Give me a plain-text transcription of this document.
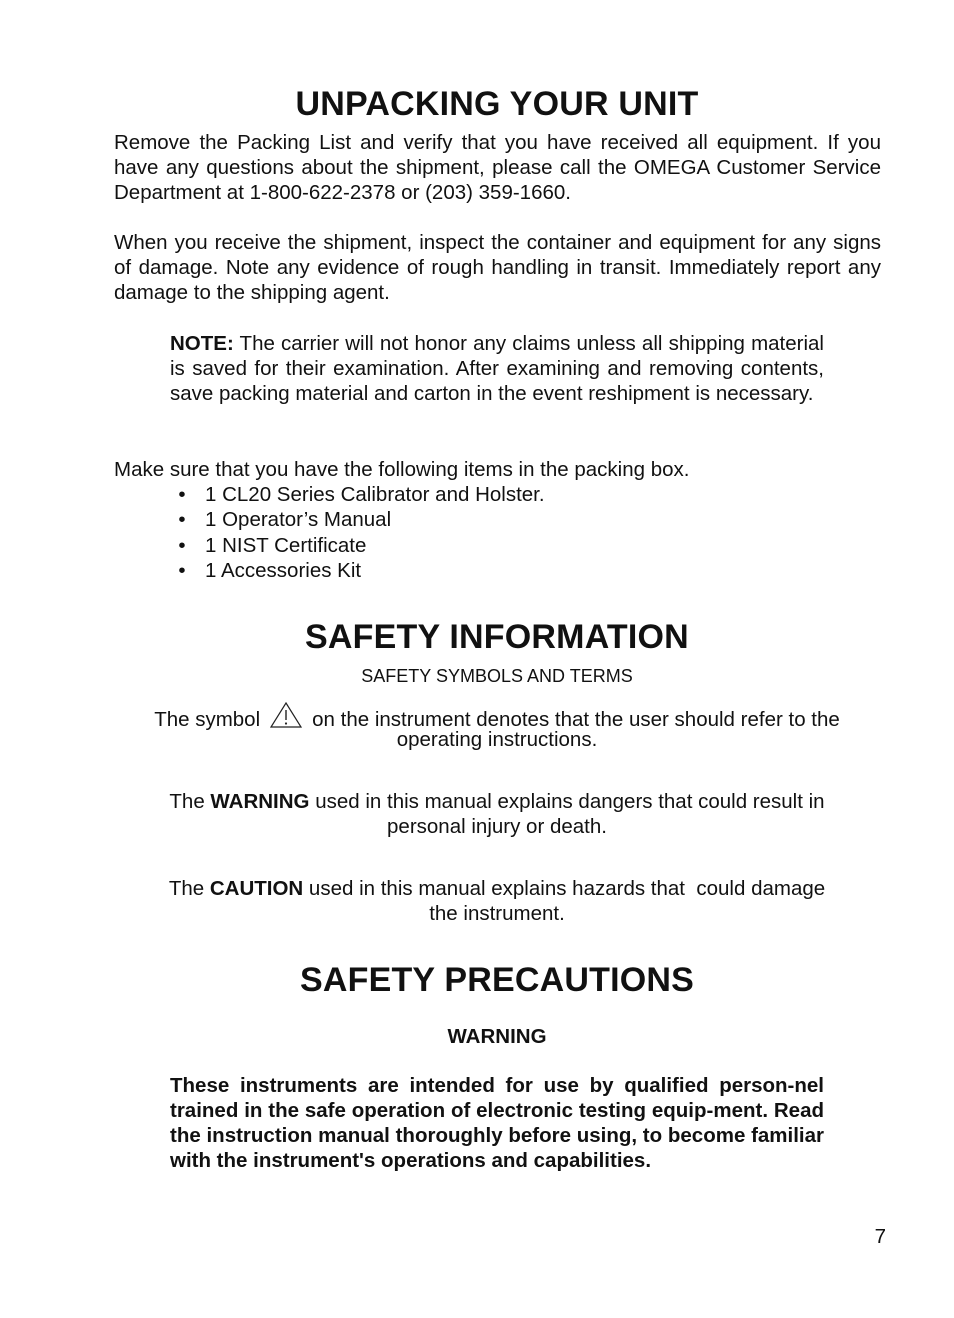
UNPACKING YOUR UNIT

Remove the Packing List and verify that you have received all equipment. If you have any questions about the shipment, please call the OMEGA Customer Service Department at 1-800-622-2378 or (203) 359-1660.

When you receive the shipment, inspect the container and equipment for any signs of damage. Note any evidence of rough handling in transit. Immediately report any damage to the shipping agent.

NOTE: The carrier will not honor any claims unless all shipping material is saved for their examination. After examining and removing contents, save packing material and carton in the event reshipment is necessary.

Make sure that you have the following items in the packing box.

• 1 CL20 Series Calibrator and Holster.
• 1 Operator’s Manual
• 1 NIST Certificate
• 1 Accessories Kit
SAFETY INFORMATION

SAFETY SYMBOLS AND TERMS

The symbol	on the instrument denotes that the user should refer to the

operating instructions.

The WARNING used in this manual explains dangers that could result in

personal injury or death.

The CAUTION used in this manual explains hazards that  could damage

the instrument.

SAFETY PRECAUTIONS

WARNING

These instruments are intended for use by qualified person-nel trained in the safe operation of electronic testing equip-ment. Read the instruction manual thoroughly before using, to become familiar with the instrument's operations and capabilities.

7
